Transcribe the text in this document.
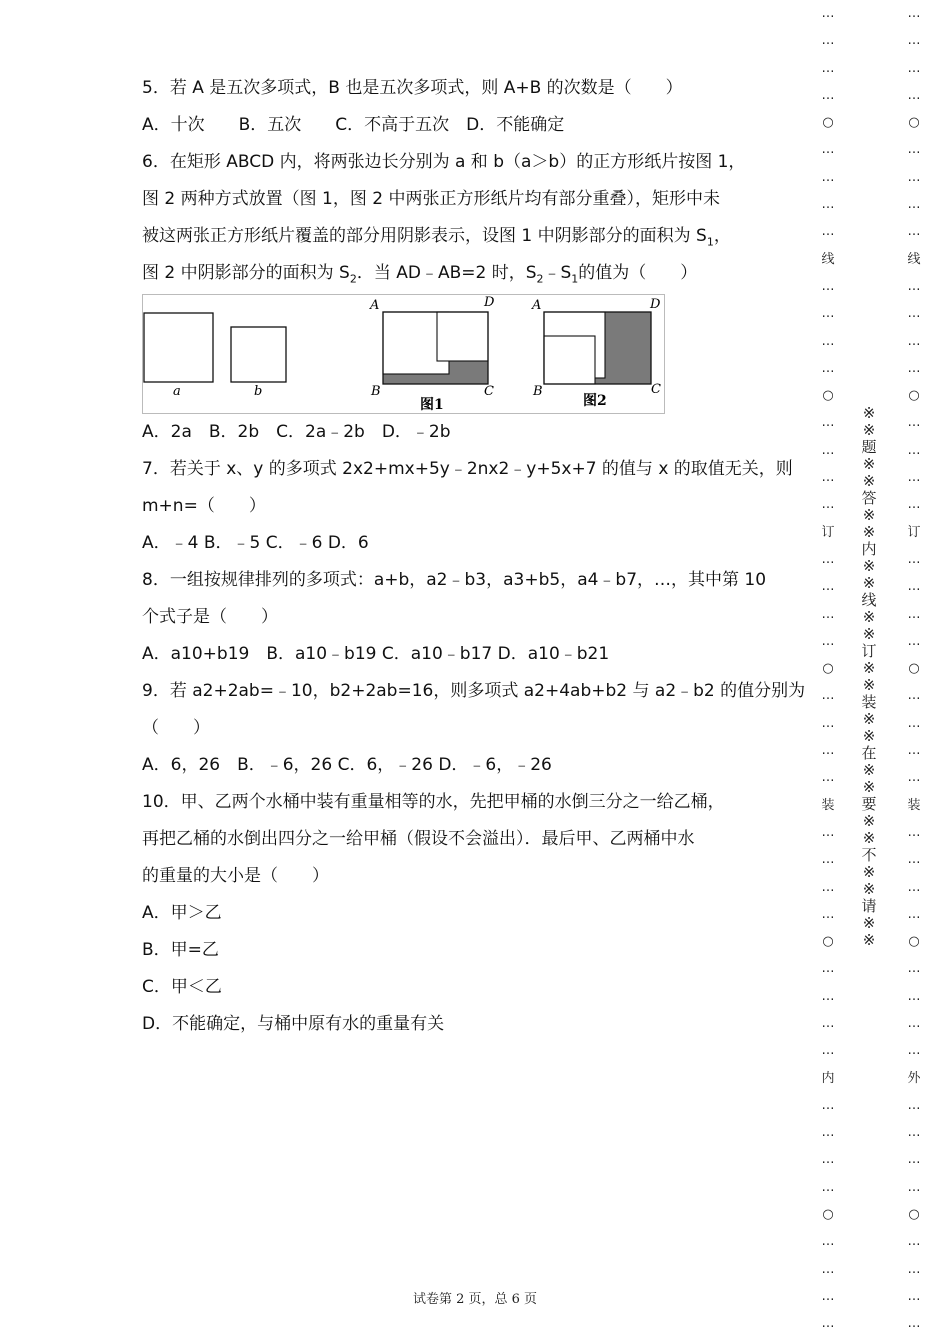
5．若 A 是五次多项式，B 也是五次多项式，则 A+B 的次数是（　　）
A．十次　　B．五次　　C．不高于五次　D．不能确定
6．在矩形 ABCD 内，将两张边长分别为 a 和 b（a＞b）的正方形纸片按图 1，
图 2 两种方式放置（图 1，图 2 中两张正方形纸片均有部分重叠），矩形中未
被这两张正方形纸片覆盖的部分用阴影表示，设图 1 中阴影部分的面积为 $S_1$，
图 2 中阴影部分的面积为 $S_2$．当 AD﹣AB=2 时，$S_2﹣S_1$的值为（　　）
a	b
A	D
B	C
图1
A	D
B	C
图2
A．2a　B．2b　C．2a﹣2b　D．﹣2b
7．若关于 x、y 的多项式 2x2+mx+5y﹣2nx2﹣y+5x+7 的值与 x 的取值无关，则
m+n=（　　）
A．﹣4 B．﹣5 C．﹣6 D．6
8．一组按规律排列的多项式：a+b，a2﹣b3，a3+b5，a4﹣b7，…，其中第 10
个式子是（　　）
A．a10+b19　B．a10﹣b19 C．a10﹣b17 D．a10﹣b21
9．若 a2+2ab=﹣10，b2+2ab=16，则多项式 a2+4ab+b2 与 a2﹣b2 的值分别为
（　　）
A．6，26　B．﹣6，26 C．6，﹣26 D．﹣6，﹣26
10．甲、乙两个水桶中装有重量相等的水，先把甲桶的水倒三分之一给乙桶，
再把乙桶的水倒出四分之一给甲桶（假设不会溢出）．最后甲、乙两桶中水
的重量的大小是（　　）
A．甲＞乙
B．甲=乙
C．甲＜乙
D．不能确定，与桶中原有水的重量有关
…
…
…
…
○
…
…
…
…
线
…
…
…
…
○
…
…
…
…
订
…
…
…
…
○
…
…
…
…
装
…
…
…
…
○
…
…
…
…
内
…
…
…
…
○
…
…
…
…
…
…
…
…
○
…
…
…
…
线
…
…
…
…
○
…
…
…
…
订
…
…
…
…
○
…
…
…
…
装
…
…
…
…
○
…
…
…
…
外
…
…
…
…
○
…
…
…
…
※
※
题
※
※
答
※
※
内
※
※
线
※
※
订
※
※
装
※
※
在
※
※
要
※
※
不
※
※
请
※
※
试卷第 2 页，总 6 页
